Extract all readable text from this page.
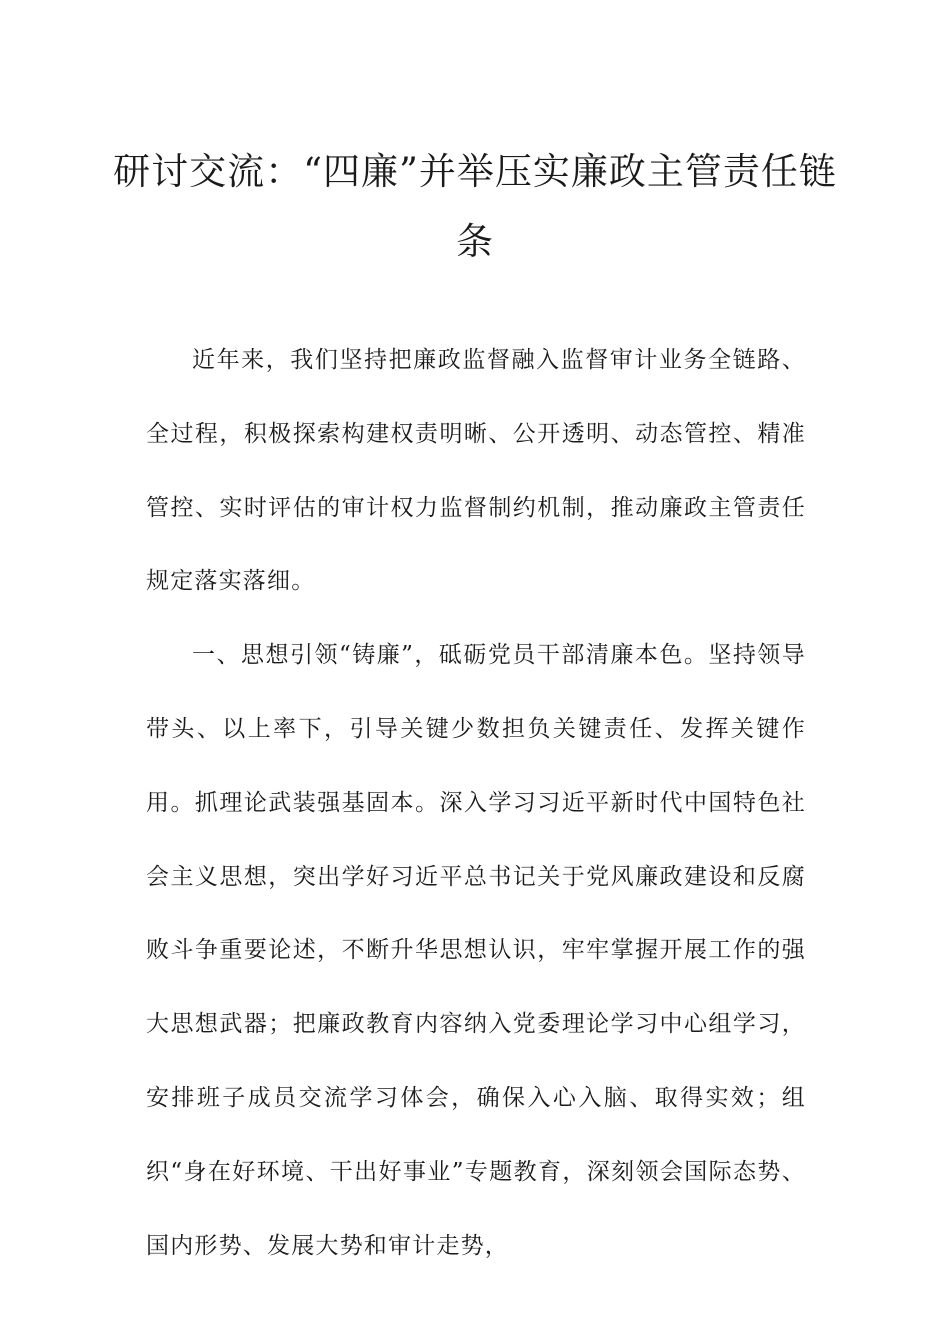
研讨交流：“四廉”并举压实廉政主管责任链条

近年来，我们坚持把廉政监督融入监督审计业务全链路、全过程，积极探索构建权责明晰、公开透明、动态管控、精准管控、实时评估的审计权力监督制约机制，推动廉政主管责任规定落实落细。

一、思想引领“铸廉”，砥砺党员干部清廉本色。坚持领导带头、以上率下，引导关键少数担负关键责任、发挥关键作用。抓理论武装强基固本。深入学习习近平新时代中国特色社会主义思想，突出学好习近平总书记关于党风廉政建设和反腐败斗争重要论述，不断升华思想认识，牢牢掌握开展工作的强大思想武器；把廉政教育内容纳入党委理论学习中心组学习，安排班子成员交流学习体会，确保入心入脑、取得实效；组织“身在好环境、干出好事业”专题教育，深刻领会国际态势、国内形势、发展大势和审计走势，
